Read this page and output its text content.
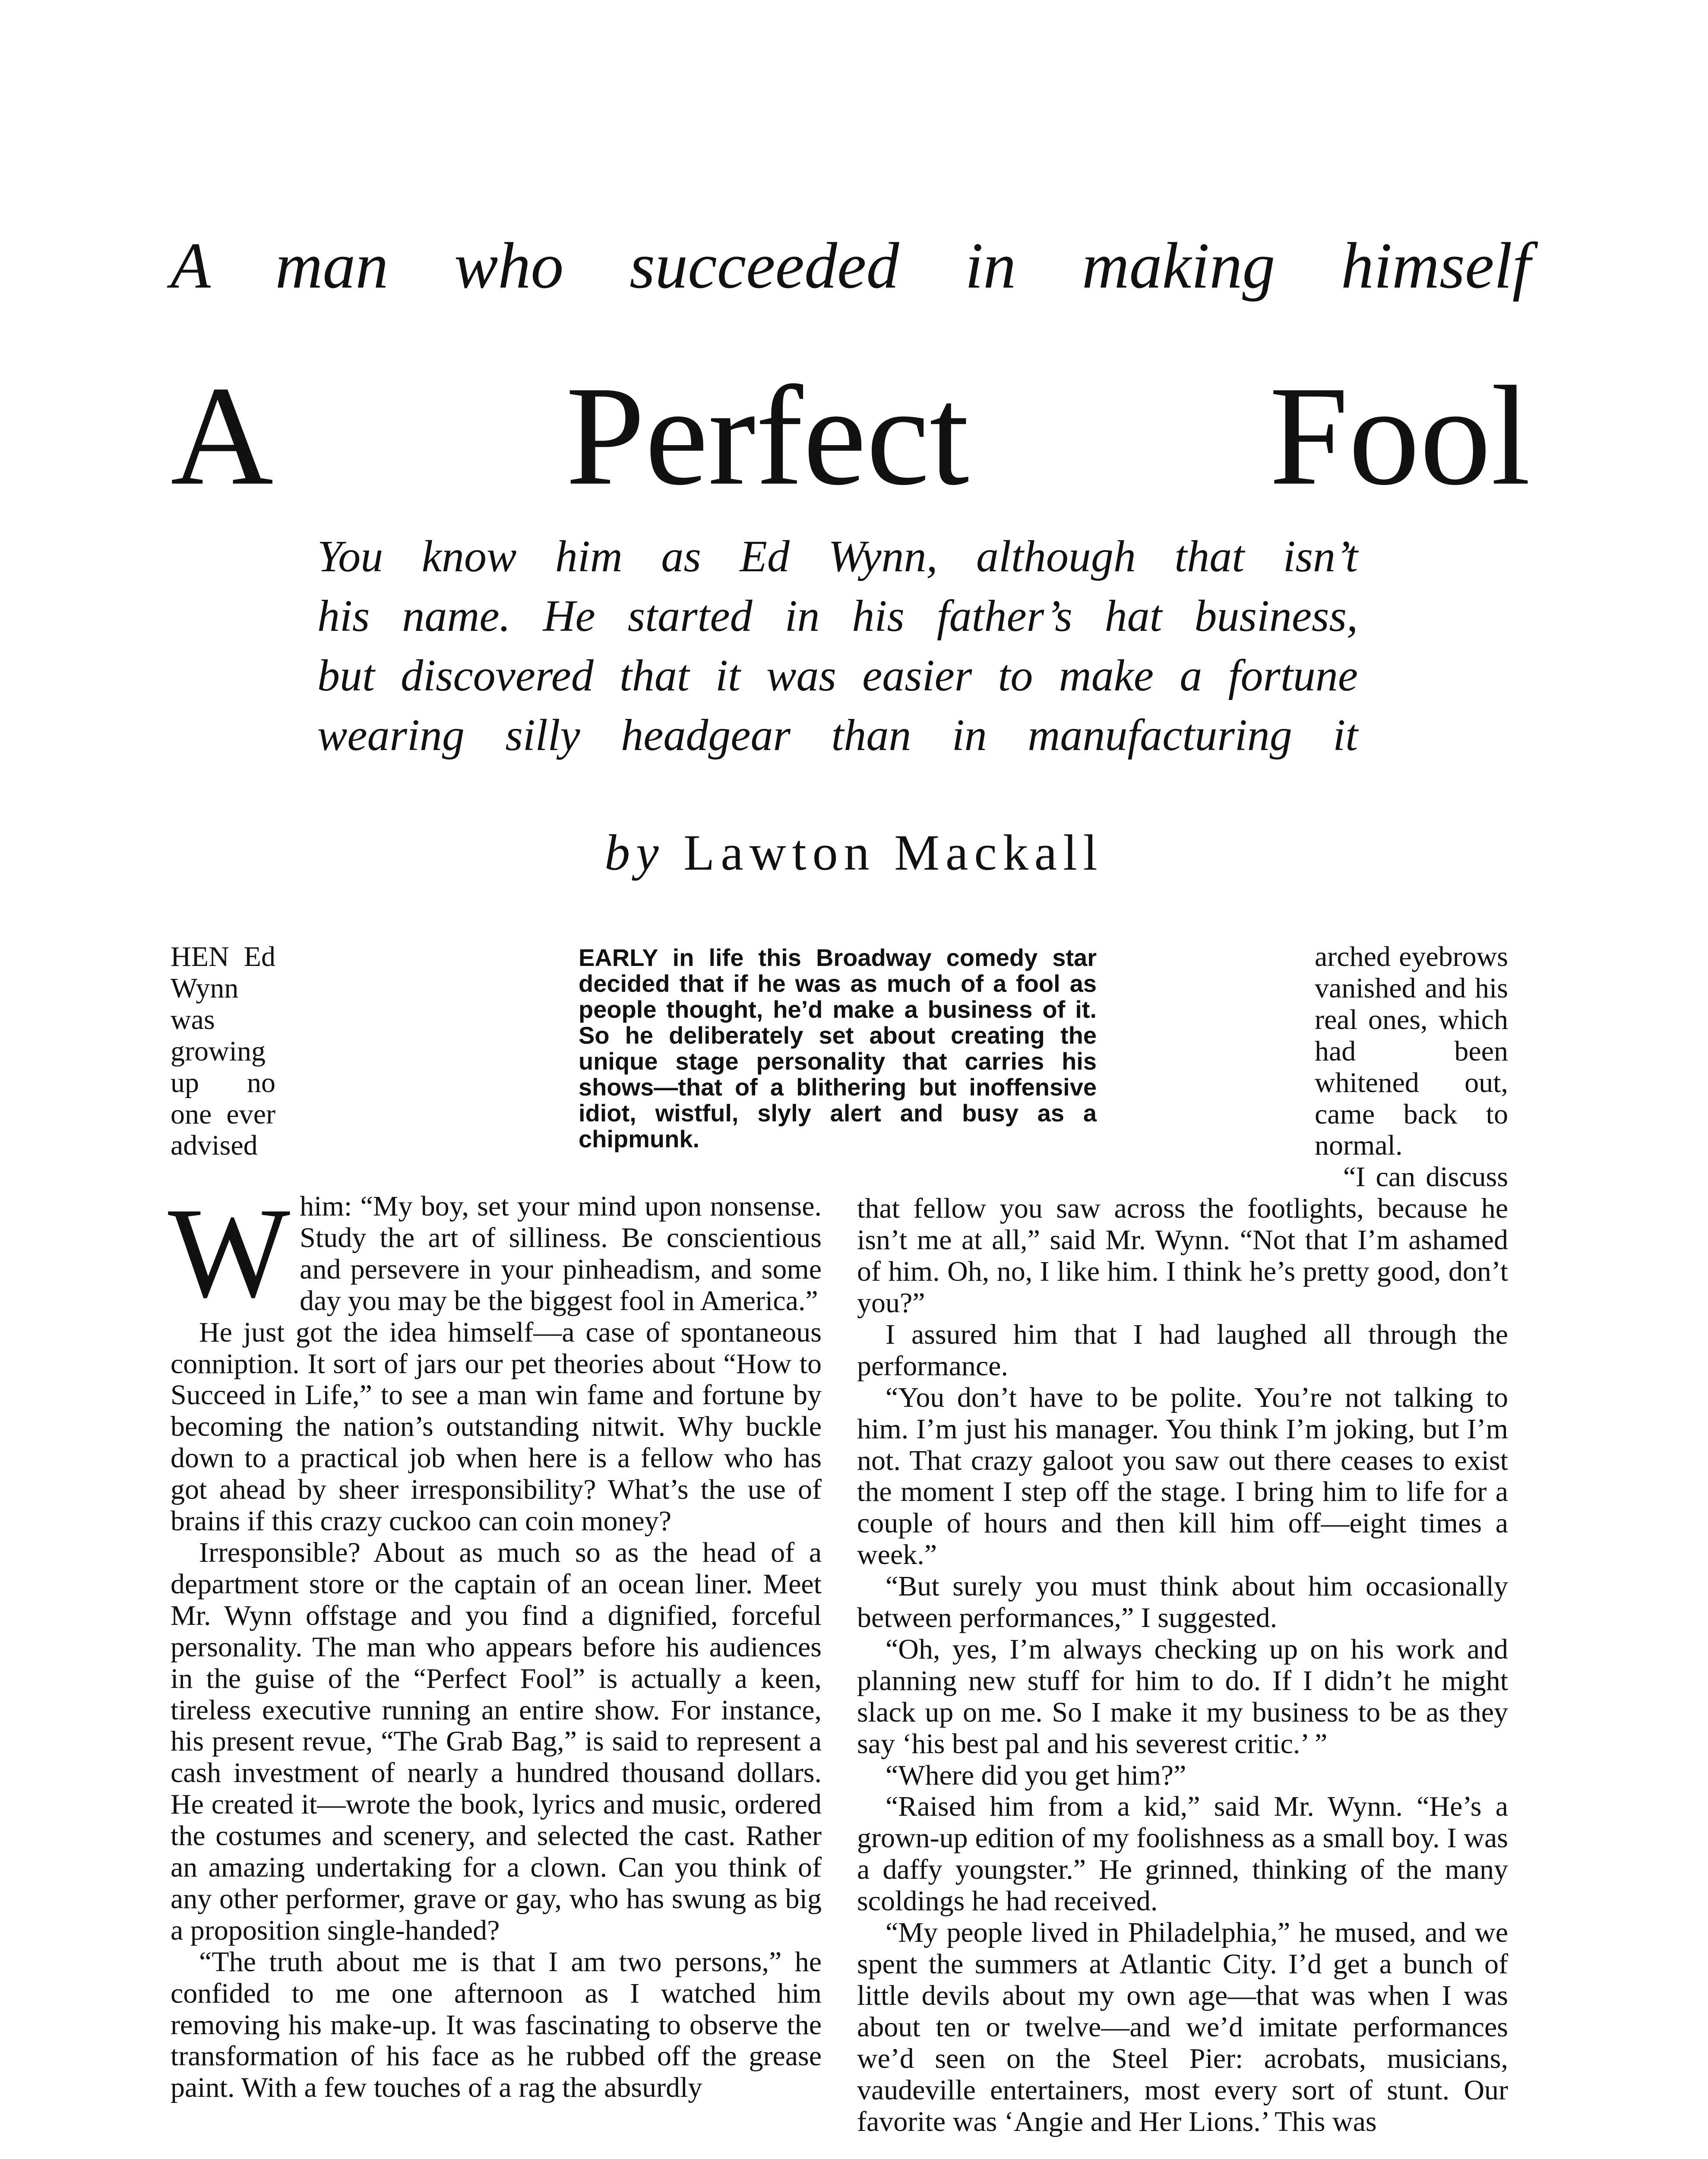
A man who succeeded in making himself
A Perfect Fool
You know him as Ed Wynn, although that isn’t
his name. He started in his father’s hat business,
but discovered that it was easier to make a fortune
wearing silly headgear than in manufacturing it
by Lawton Mackall
W

HEN Ed Wynn was growing up no one ever advised him: “My boy, set your mind upon nonsense. Study the art of silliness. Be conscientious and persevere in your pinheadism, and some day you may be the biggest fool in America.”

He just got the idea himself—a case of spontaneous conniption. It sort of jars our pet theories about “How to Succeed in Life,” to see a man win fame and fortune by becoming the nation’s outstanding nitwit. Why buckle down to a practical job when here is a fellow who has got ahead by sheer irresponsibility? What’s the use of brains if this crazy cuckoo can coin money?

Irresponsible? About as much so as the head of a department store or the captain of an ocean liner. Meet Mr. Wynn offstage and you find a dignified, forceful personality. The man who appears before his audiences in the guise of the “Perfect Fool” is actually a keen, tireless executive running an entire show. For instance, his present revue, “The Grab Bag,” is said to represent a cash investment of nearly a hundred thousand dollars. He created it—wrote the book, lyrics and music, ordered the costumes and scenery, and selected the cast. Rather an amazing undertaking for a clown. Can you think of any other performer, grave or gay, who has swung as big a proposition single-handed?

“The truth about me is that I am two persons,” he confided to me one afternoon as I watched him removing his make-up. It was fascinating to observe the transformation of his face as he rubbed off the grease paint. With a few touches of a rag the absurdly

EARLY in life this Broadway comedy star decided that if he was as much of a fool as people thought, he’d make a business of it. So he deliberately set about creating the unique stage personality that carries his shows—that of a blithering but inoffensive idiot, wistful, slyly alert and busy as a chipmunk.

arched eyebrows vanished and his real ones, which had been whitened out, came back to normal.

“I can discuss that fellow you saw across the footlights, because he isn’t me at all,” said Mr. Wynn. “Not that I’m ashamed of him. Oh, no, I like him. I think he’s pretty good, don’t you?”

I assured him that I had laughed all through the performance.

“You don’t have to be polite. You’re not talking to him. I’m just his manager. You think I’m joking, but I’m not. That crazy galoot you saw out there ceases to exist the moment I step off the stage. I bring him to life for a couple of hours and then kill him off—eight times a week.”

“But surely you must think about him occasionally between performances,” I suggested.

“Oh, yes, I’m always checking up on his work and planning new stuff for him to do. If I didn’t he might slack up on me. So I make it my business to be as they say ‘his best pal and his severest critic.’ ”

“Where did you get him?”

“Raised him from a kid,” said Mr. Wynn. “He’s a grown-up edition of my foolishness as a small boy. I was a daffy youngster.” He grinned, thinking of the many scoldings he had received.

“My people lived in Philadelphia,” he mused, and we spent the summers at Atlantic City. I’d get a bunch of little devils about my own age—that was when I was about ten or twelve—and we’d imitate performances we’d seen on the Steel Pier: acrobats, musicians, vaudeville entertainers, most every sort of stunt. Our favorite was ‘Angie and Her Lions.’ This was
